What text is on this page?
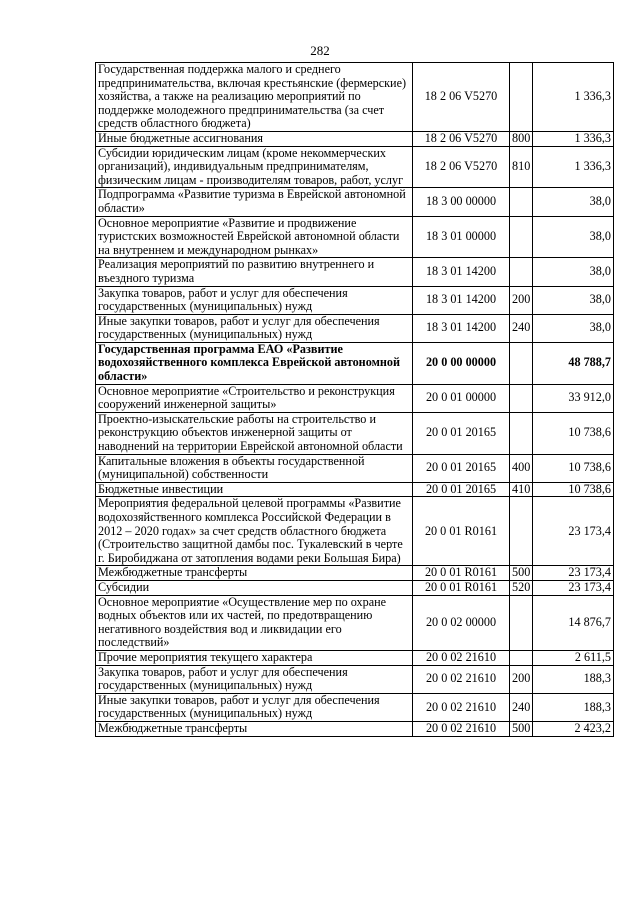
282
Государственная поддержка малого и среднего предпринимательства, включая крестьянские (фермерские) хозяйства, а также на реализацию мероприятий по поддержке молодежного предпринимательства (за счет средств областного бюджета)	18 2 06 V5270		1 336,3
Иные бюджетные ассигнования	18 2 06 V5270	800	1 336,3
Субсидии юридическим лицам (кроме некоммерческих организаций), индивидуальным предпринимателям, физическим лицам - производителям товаров, работ, услуг	18 2 06 V5270	810	1 336,3
Подпрограмма «Развитие туризма в Еврейской автономной области»	18 3 00 00000		38,0
Основное мероприятие «Развитие и продвижение туристских возможностей Еврейской автономной области на внутреннем и международном рынках»	18 3 01 00000		38,0
Реализация мероприятий по развитию внутреннего и въездного туризма	18 3 01 14200		38,0
Закупка товаров, работ и услуг для обеспечения государственных (муниципальных) нужд	18 3 01 14200	200	38,0
Иные закупки товаров, работ и услуг для обеспечения государственных (муниципальных) нужд	18 3 01 14200	240	38,0
Государственная программа ЕАО «Развитие водохозяйственного комплекса Еврейской автономной области»	20 0 00 00000		48 788,7
Основное мероприятие «Строительство и реконструкция сооружений инженерной защиты»	20 0 01 00000		33 912,0
Проектно-изыскательские работы на строительство и реконструкцию объектов инженерной защиты от наводнений на территории Еврейской автономной области	20 0 01 20165		10 738,6
Капитальные вложения в объекты государственной (муниципальной) собственности	20 0 01 20165	400	10 738,6
Бюджетные инвестиции	20 0 01 20165	410	10 738,6
Мероприятия федеральной целевой программы «Развитие водохозяйственного комплекса Российской Федерации в 2012 – 2020 годах» за счет средств областного бюджета (Строительство защитной дамбы пос. Тукалевский в черте г. Биробиджана от затопления водами реки Большая Бира)	20 0 01 R0161		23 173,4
Межбюджетные трансферты	20 0 01 R0161	500	23 173,4
Субсидии	20 0 01 R0161	520	23 173,4
Основное мероприятие «Осуществление мер по охране водных объектов или их частей, по предотвращению негативного воздействия вод и ликвидации его последствий»	20 0 02 00000		14 876,7
Прочие мероприятия текущего характера	20 0 02 21610		2 611,5
Закупка товаров, работ и услуг для обеспечения государственных (муниципальных) нужд	20 0 02 21610	200	188,3
Иные закупки товаров, работ и услуг для обеспечения государственных (муниципальных) нужд	20 0 02 21610	240	188,3
Межбюджетные трансферты	20 0 02 21610	500	2 423,2
